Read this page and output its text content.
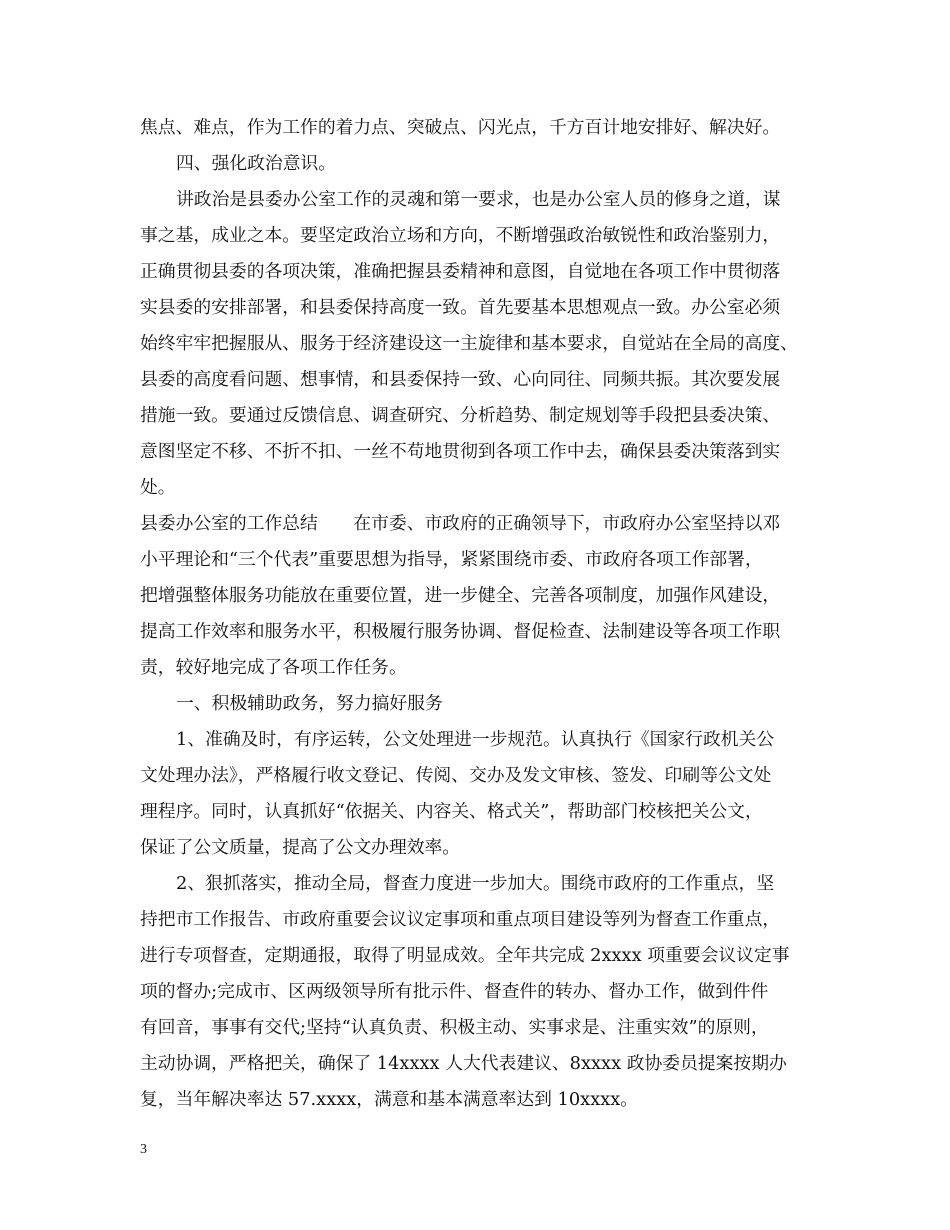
焦点、难点，作为工作的着力点、突破点、闪光点，千方百计地安排好、解决好。
四、强化政治意识。
讲政治是县委办公室工作的灵魂和第一要求，也是办公室人员的修身之道，谋
事之基，成业之本。要坚定政治立场和方向，不断增强政治敏锐性和政治鉴别力，
正确贯彻县委的各项决策，准确把握县委精神和意图，自觉地在各项工作中贯彻落
实县委的安排部署，和县委保持高度一致。首先要基本思想观点一致。办公室必须
始终牢牢把握服从、服务于经济建设这一主旋律和基本要求，自觉站在全局的高度、
县委的高度看问题、想事情，和县委保持一致、心向同往、同频共振。其次要发展
措施一致。要通过反馈信息、调查研究、分析趋势、制定规划等手段把县委决策、
意图坚定不移、不折不扣、一丝不苟地贯彻到各项工作中去，确保县委决策落到实
处。
县委办公室的工作总结　　在市委、市政府的正确领导下，市政府办公室坚持以邓
小平理论和“三个代表”重要思想为指导，紧紧围绕市委、市政府各项工作部署，
把增强整体服务功能放在重要位置，进一步健全、完善各项制度，加强作风建设，
提高工作效率和服务水平，积极履行服务协调、督促检查、法制建设等各项工作职
责，较好地完成了各项工作任务。
一、积极辅助政务，努力搞好服务
1、准确及时，有序运转，公文处理进一步规范。认真执行《国家行政机关公
文处理办法》，严格履行收文登记、传阅、交办及发文审核、签发、印刷等公文处
理程序。同时，认真抓好“依据关、内容关、格式关”，帮助部门校核把关公文，
保证了公文质量，提高了公文办理效率。
2、狠抓落实，推动全局，督查力度进一步加大。围绕市政府的工作重点，坚
持把市工作报告、市政府重要会议议定事项和重点项目建设等列为督查工作重点，
进行专项督查，定期通报，取得了明显成效。全年共完成 2xxxx 项重要会议议定事
项的督办;完成市、区两级领导所有批示件、督查件的转办、督办工作，做到件件
有回音，事事有交代;坚持“认真负责、积极主动、实事求是、注重实效”的原则，
主动协调，严格把关，确保了 14xxxx 人大代表建议、8xxxx 政协委员提案按期办
复，当年解决率达 57.xxxx，满意和基本满意率达到 10xxxx。
3
